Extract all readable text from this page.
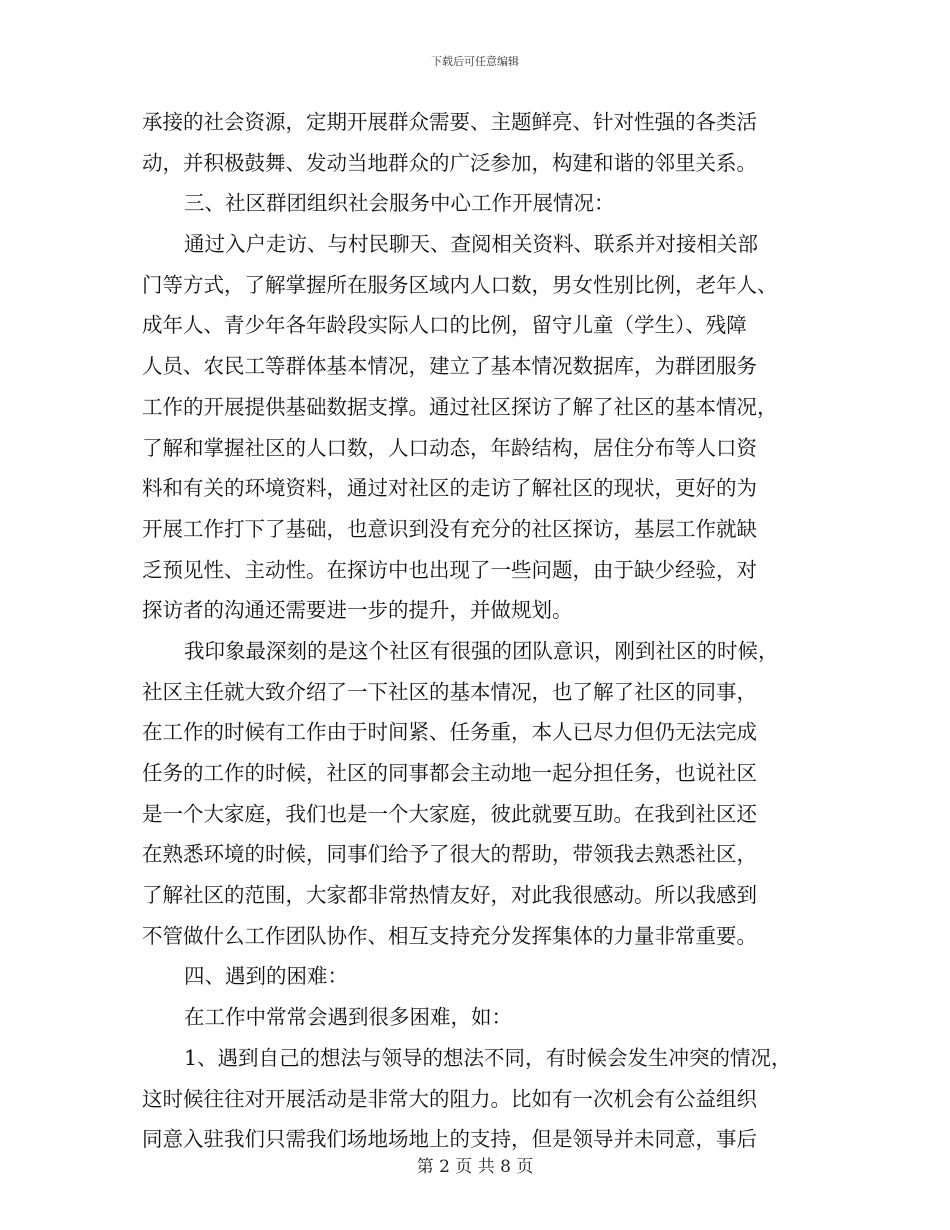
下载后可任意编辑
承接的社会资源，定期开展群众需要、主题鲜亮、针对性强的各类活
动，并积极鼓舞、发动当地群众的广泛参加，构建和谐的邻里关系。
三、社区群团组织社会服务中心工作开展情况：
通过入户走访、与村民聊天、查阅相关资料、联系并对接相关部
门等方式，了解掌握所在服务区域内人口数，男女性别比例，老年人、
成年人、青少年各年龄段实际人口的比例，留守儿童（学生）、残障
人员、农民工等群体基本情况，建立了基本情况数据库，为群团服务
工作的开展提供基础数据支撑。通过社区探访了解了社区的基本情况，
了解和掌握社区的人口数，人口动态，年龄结构，居住分布等人口资
料和有关的环境资料，通过对社区的走访了解社区的现状，更好的为
开展工作打下了基础，也意识到没有充分的社区探访，基层工作就缺
乏预见性、主动性。在探访中也出现了一些问题，由于缺少经验，对
探访者的沟通还需要进一步的提升，并做规划。
我印象最深刻的是这个社区有很强的团队意识，刚到社区的时候，
社区主任就大致介绍了一下社区的基本情况，也了解了社区的同事，
在工作的时候有工作由于时间紧、任务重，本人已尽力但仍无法完成
任务的工作的时候，社区的同事都会主动地一起分担任务，也说社区
是一个大家庭，我们也是一个大家庭，彼此就要互助。在我到社区还
在熟悉环境的时候，同事们给予了很大的帮助，带领我去熟悉社区，
了解社区的范围，大家都非常热情友好，对此我很感动。所以我感到
不管做什么工作团队协作、相互支持充分发挥集体的力量非常重要。
四、遇到的困难：
在工作中常常会遇到很多困难，如：
1、遇到自己的想法与领导的想法不同，有时候会发生冲突的情况，
这时候往往对开展活动是非常大的阻力。比如有一次机会有公益组织
同意入驻我们只需我们场地场地上的支持，但是领导并未同意，事后
第 2 页 共 8 页
